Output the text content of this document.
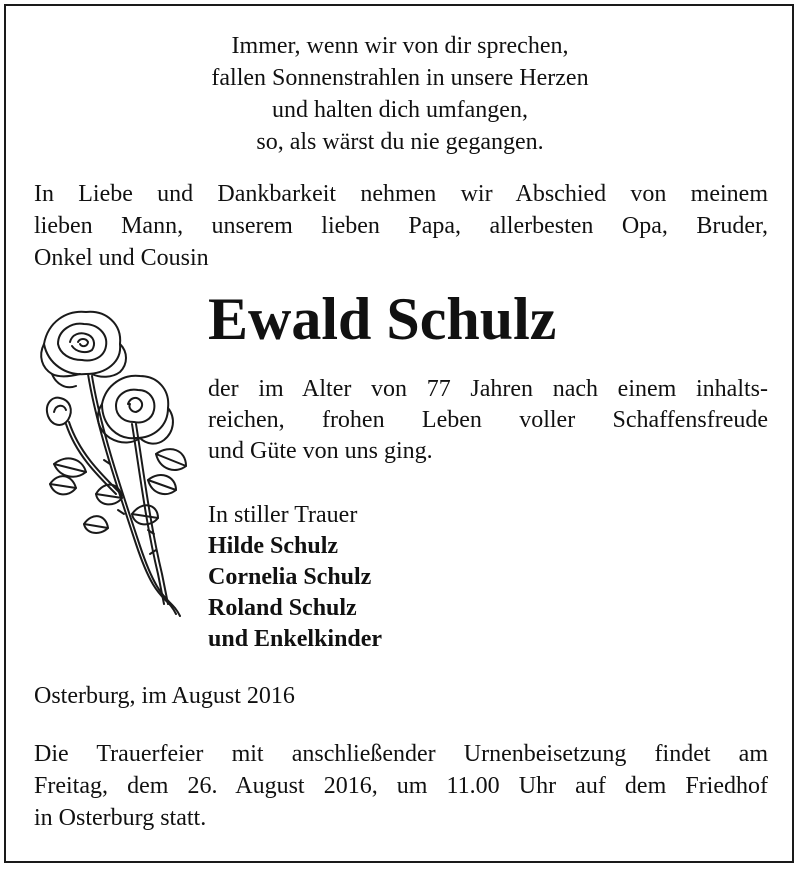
Immer, wenn wir von dir sprechen,
fallen Sonnenstrahlen in unsere Herzen
und halten dich umfangen,
so, als wärst du nie gegangen.
In Liebe und Dankbarkeit nehmen wir Abschied von meinem
lieben Mann, unserem lieben Papa, allerbesten Opa, Bruder,
Onkel und Cousin
Ewald Schulz
der im Alter von 77 Jahren nach einem inhalts-
reichen, frohen Leben voller Schaffensfreude
und Güte von uns ging.
In stiller Trauer
Hilde Schulz
Cornelia Schulz
Roland Schulz
und Enkelkinder
Osterburg, im August 2016
Die Trauerfeier mit anschließender Urnenbeisetzung findet am
Freitag, dem 26. August 2016, um 11.00 Uhr auf dem Friedhof
in Osterburg statt.
